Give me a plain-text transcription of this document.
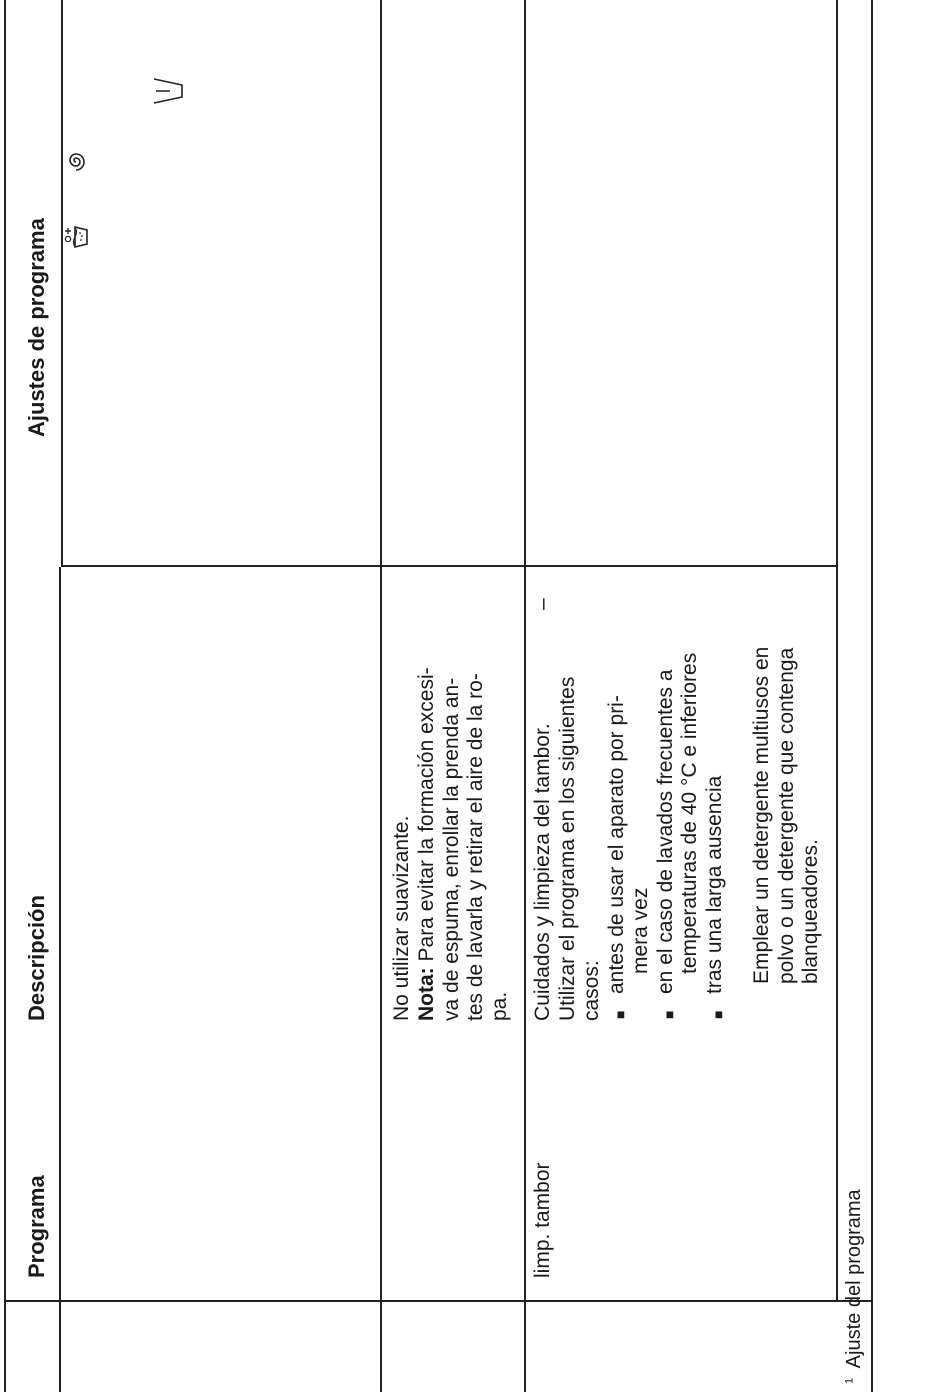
Programa
Descripción
Ajustes de programa
No utilizar suavizante. Nota: Para evitar la formación excesi- va de espuma, enrollar la prenda an- tes de lavarla y retirar el aire de la ro- pa.
limp. tambor
Cuidados y limpieza del tambor. Utilizar el programa en los siguientes casos: ■
antes de usar el aparato por pri- mera vez
■
en el caso de lavados frecuentes a temperaturas de 40 °C e inferiores
■
tras una larga ausencia Emplear un detergente multiusos en polvo o un detergente que contenga blanqueadores.
–
$^1$ Ajuste del programa
